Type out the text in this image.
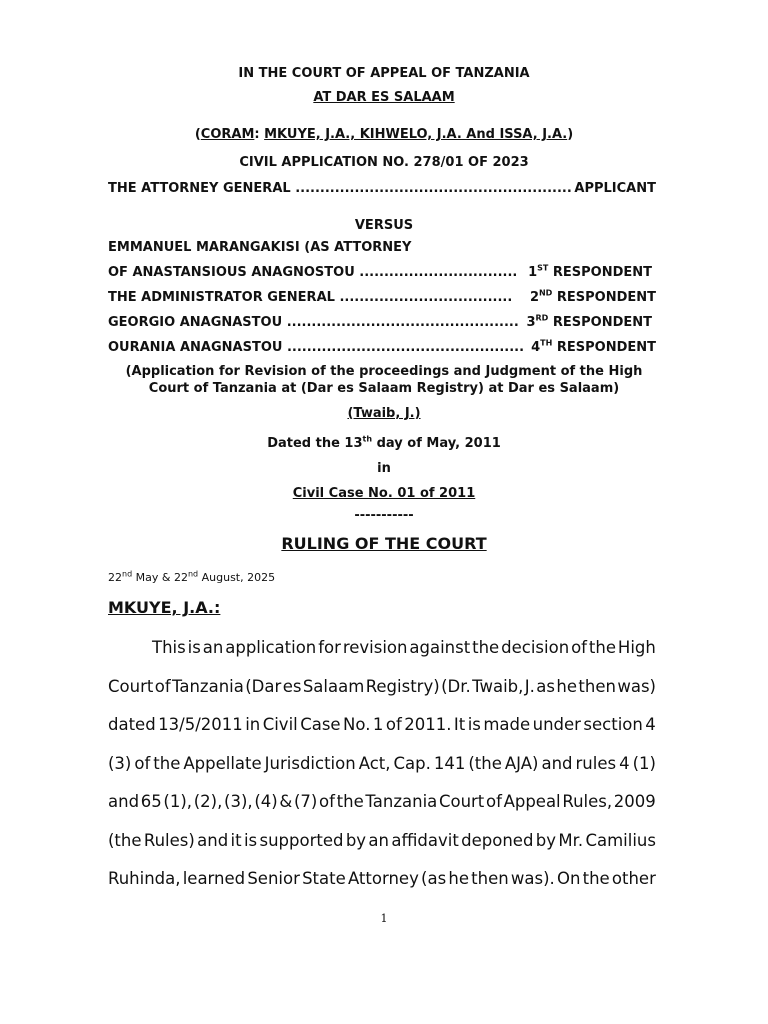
IN THE COURT OF APPEAL OF TANZANIA
AT DAR ES SALAAM
(CORAM: MKUYE, J.A., KIHWELO, J.A. And ISSA, J.A.)
CIVIL APPLICATION NO. 278/01 OF 2023
THE ATTORNEY GENERAL ........................................................ APPLICANT
VERSUS
EMMANUEL MARANGAKISI (AS ATTORNEY
OF ANASTANSIOUS ANAGNOSTOU ................................ 1ST RESPONDENT
THE ADMINISTRATOR GENERAL ................................... 2ND RESPONDENT
GEORGIO ANAGNASTOU ............................................... 3RD RESPONDENT
OURANIA ANAGNASTOU ................................................ 4TH RESPONDENT
(Application for Revision of the proceedings and Judgment of the High
Court of Tanzania at (Dar es Salaam Registry) at Dar es Salaam)
(Twaib, J.)
Dated the 13th day of May, 2011
in
Civil Case No. 01 of 2011
-----------
RULING OF THE COURT
22nd May & 22nd August, 2025
MKUYE, J.A.:
This is an application for revision against the decision of the High
Court of Tanzania (Dar es Salaam Registry) (Dr. Twaib, J. as he then was)
dated 13/5/2011 in Civil Case No. 1 of 2011. It is made under section 4
(3) of the Appellate Jurisdiction Act, Cap. 141 (the AJA) and rules 4 (1)
and 65 (1), (2), (3), (4) & (7) of the Tanzania Court of Appeal Rules, 2009
(the Rules) and it is supported by an affidavit deponed by Mr. Camilius
Ruhinda, learned Senior State Attorney (as he then was). On the other
1
